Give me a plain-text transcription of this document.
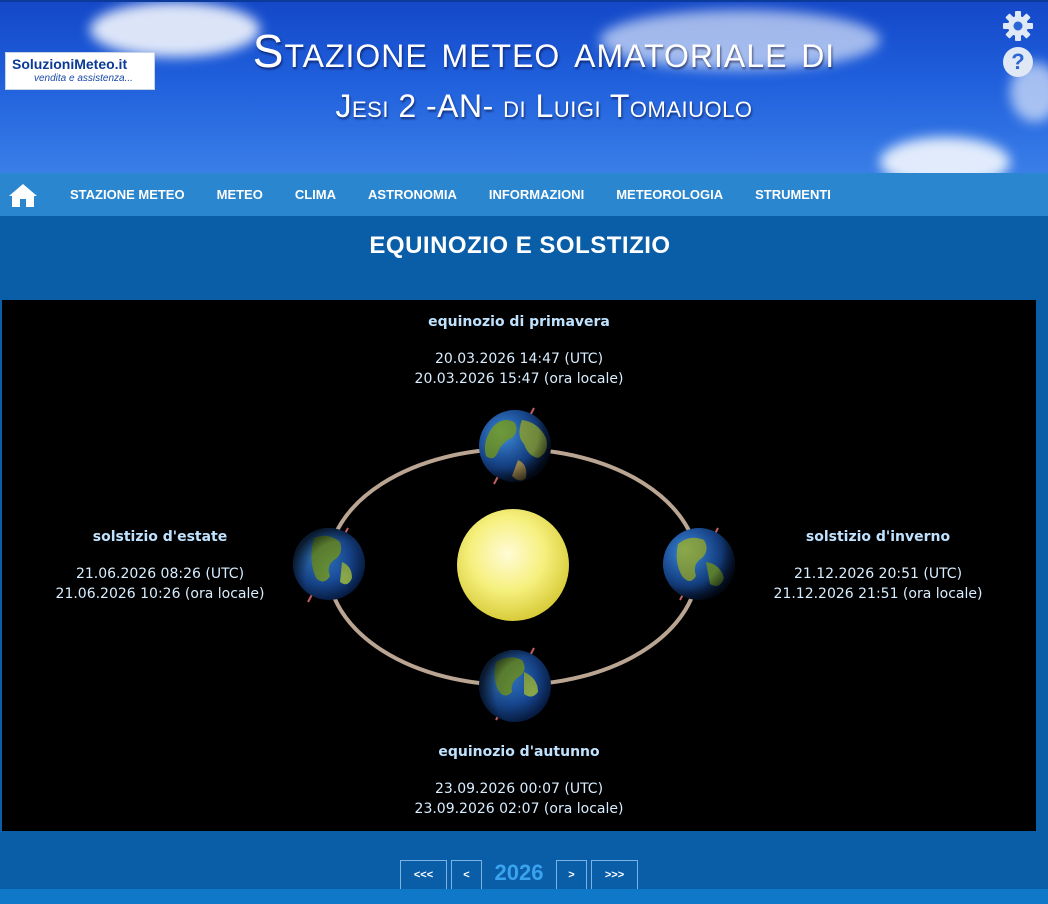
SoluzioniMeteo.it
vendita e assistenza...
Stazione meteo amatoriale di
Jesi 2 -AN- di Luigi Tomaiuolo
?
STAZIONE METEO METEO CLIMA ASTRONOMIA INFORMAZIONI METEOROLOGIA STRUMENTI
EQUINOZIO E SOLSTIZIO
equinozio di primavera
20.03.2026 14:47 (UTC)
20.03.2026 15:47 (ora locale)
solstizio d'estate
21.06.2026 08:26 (UTC)
21.06.2026 10:26 (ora locale)
solstizio d'inverno
21.12.2026 20:51 (UTC)
21.12.2026 21:51 (ora locale)
equinozio d'autunno
23.09.2026 00:07 (UTC)
23.09.2026 02:07 (ora locale)
<<<	<	2026	>	>>>
